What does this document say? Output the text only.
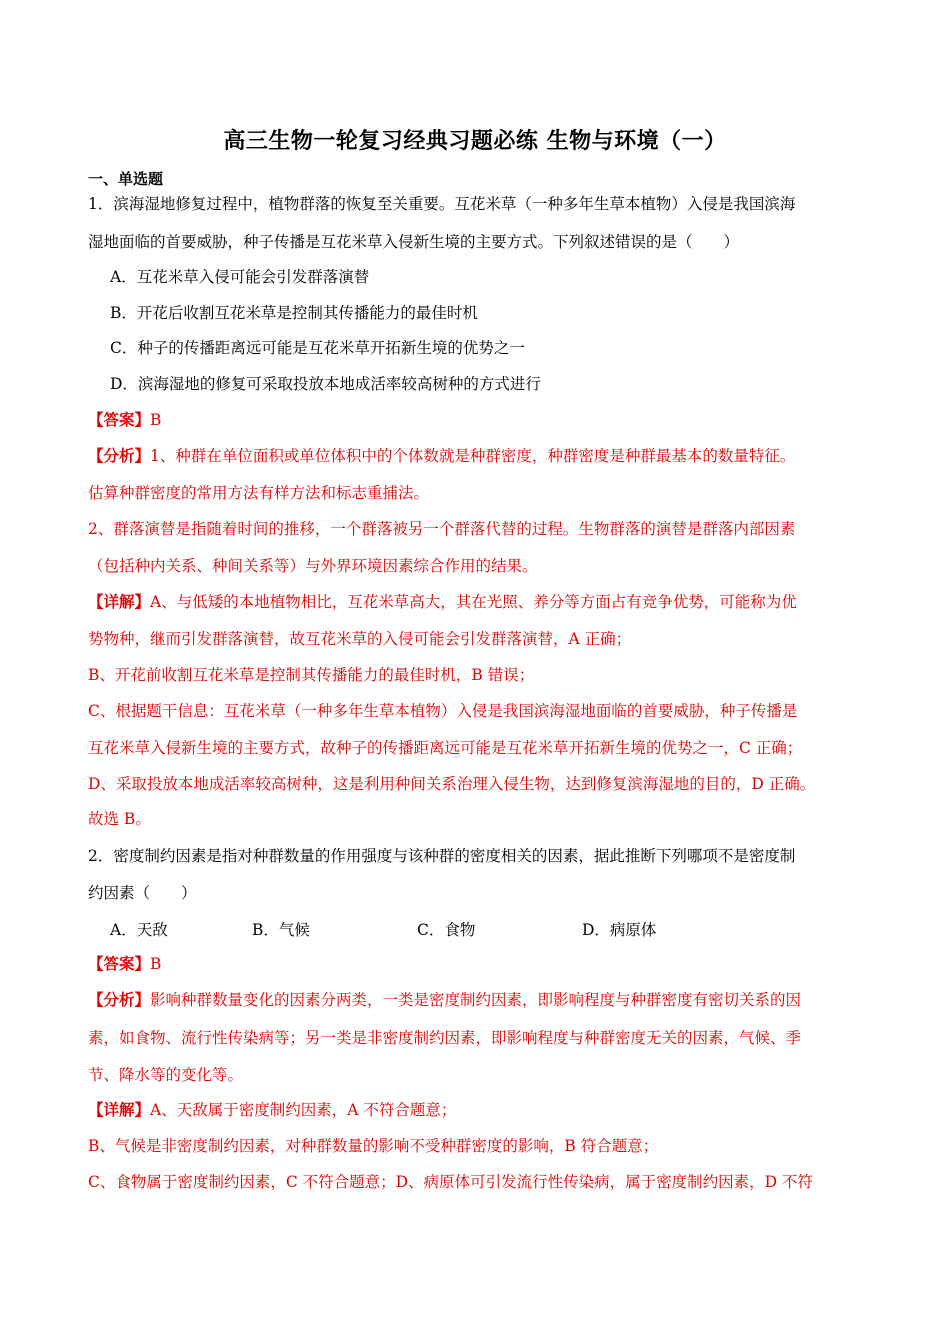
高三生物一轮复习经典习题必练 生物与环境（一）
一、单选题
1．滨海湿地修复过程中，植物群落的恢复至关重要。互花米草（一种多年生草本植物）入侵是我国滨海
湿地面临的首要威胁，种子传播是互花米草入侵新生境的主要方式。下列叙述错误的是（　　）
A．互花米草入侵可能会引发群落演替
B．开花后收割互花米草是控制其传播能力的最佳时机
C．种子的传播距离远可能是互花米草开拓新生境的优势之一
D．滨海湿地的修复可采取投放本地成活率较高树种的方式进行
【答案】B
【分析】1、种群在单位面积或单位体积中的个体数就是种群密度，种群密度是种群最基本的数量特征。
估算种群密度的常用方法有样方法和标志重捕法。
2、群落演替是指随着时间的推移，一个群落被另一个群落代替的过程。生物群落的演替是群落内部因素
（包括种内关系、种间关系等）与外界环境因素综合作用的结果。
【详解】A、与低矮的本地植物相比，互花米草高大，其在光照、养分等方面占有竞争优势，可能称为优
势物种，继而引发群落演替，故互花米草的入侵可能会引发群落演替，A 正确；
B、开花前收割互花米草是控制其传播能力的最佳时机，B 错误；
C、根据题干信息：互花米草（一种多年生草本植物）入侵是我国滨海湿地面临的首要威胁，种子传播是
互花米草入侵新生境的主要方式，故种子的传播距离远可能是互花米草开拓新生境的优势之一，C 正确；
D、采取投放本地成活率较高树种，这是利用种间关系治理入侵生物，达到修复滨海湿地的目的，D 正确。
故选 B。
2．密度制约因素是指对种群数量的作用强度与该种群的密度相关的因素，据此推断下列哪项不是密度制
约因素（　　）
A．天敌	B．气候	C．食物	D．病原体
【答案】B
【分析】影响种群数量变化的因素分两类，一类是密度制约因素，即影响程度与种群密度有密切关系的因
素，如食物、流行性传染病等；另一类是非密度制约因素，即影响程度与种群密度无关的因素，气候、季
节、降水等的变化等。
【详解】A、天敌属于密度制约因素，A 不符合题意；
B、气候是非密度制约因素，对种群数量的影响不受种群密度的影响，B 符合题意；
C、食物属于密度制约因素，C 不符合题意；D、病原体可引发流行性传染病，属于密度制约因素，D 不符
